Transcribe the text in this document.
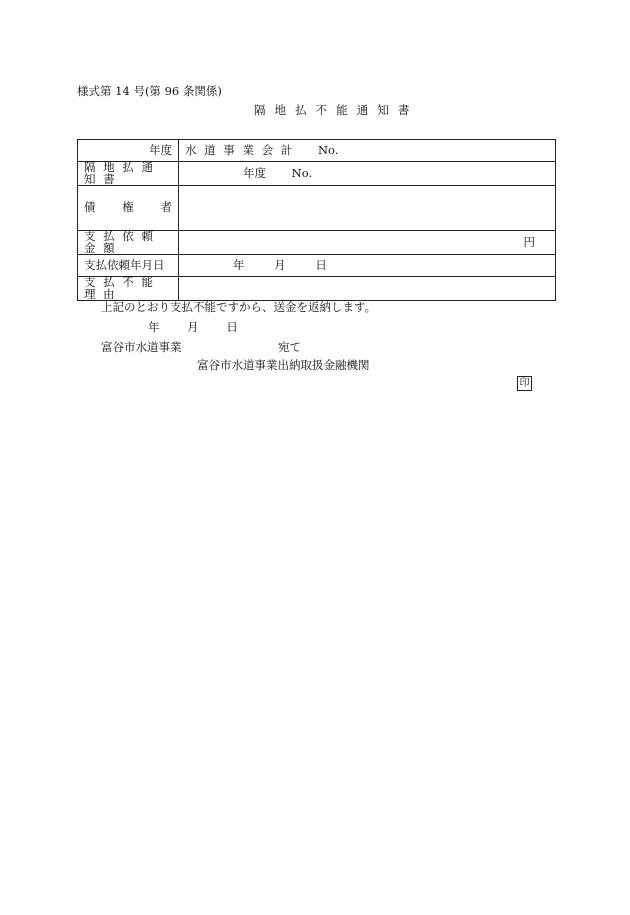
様式第 14 号(第 96 条関係)
隔 地 払 不 能 通 知 書
年度	水 道 事 業 会 計 No.
隔 地 払 通 知 書	年度 No.

債 権 者	

支 払 依 頼 金 額	円
支払依頼年月日	年 月 日
支 払 不 能 理 由	
上記のとおり支払不能ですから、送金を返納します。
年 月 日
富谷市水道事業	宛て
富谷市水道事業出納取扱金融機関
印
